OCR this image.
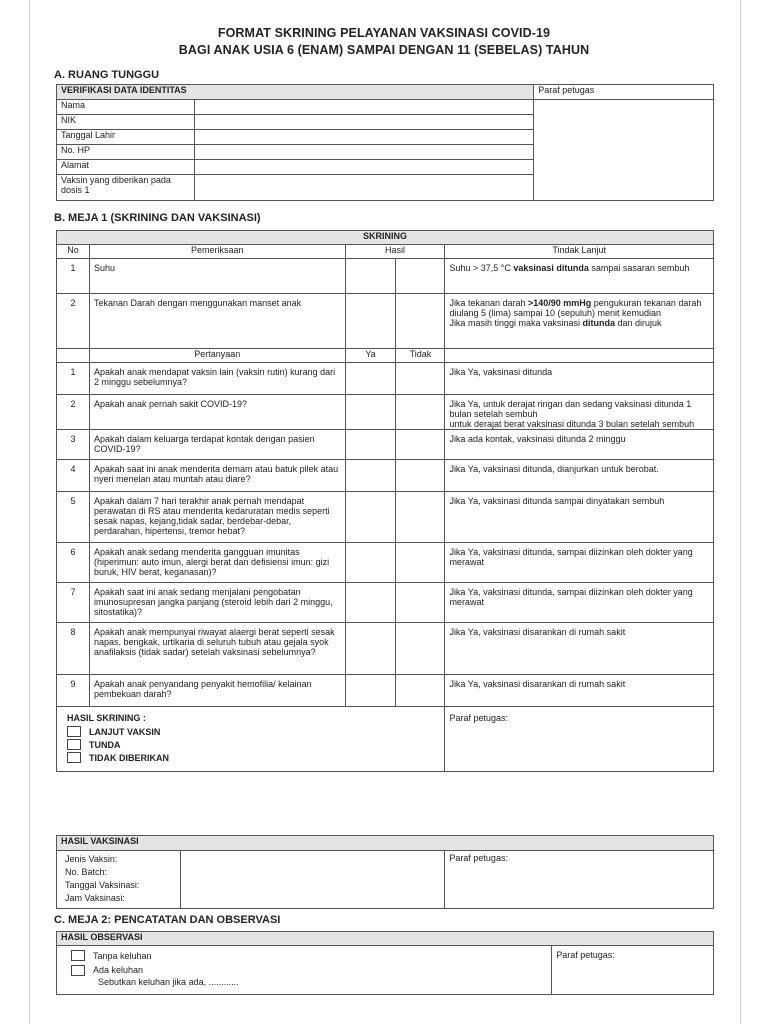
FORMAT SKRINING PELAYANAN VAKSINASI COVID-19
BAGI ANAK USIA 6 (ENAM) SAMPAI DENGAN 11 (SEBELAS) TAHUN
A. RUANG TUNGGU
VERIFIKASI DATA IDENTITAS		Paraf petugas
Nama		
NIK		
Tanggal Lahir		
No. HP		
Alamat		
Vaksin yang diberikan pada dosis 1		
B. MEJA 1 (SKRINING DAN VAKSINASI)
SKRINING				
No	Pemeriksaan	Hasil		Tindak Lanjut
1	Suhu			Suhu > 37,5 °C vaksinasi ditunda sampai sasaran sembuh
2	Tekanan Darah dengan menggunakan manset anak			Jika tekanan darah >140/90 mmHg pengukuran tekanan darah diulang 5 (lima) sampai 10 (sepuluh) menit kemudian
Jika masih tinggi maka vaksinasi ditunda dan dirujuk

	Pertanyaan	Ya	Tidak	
1	Apakah anak mendapat vaksin lain (vaksin rutin) kurang dari 2 minggu sebelumnya?			Jika Ya, vaksinasi ditunda

2	Apakah anak pernah sakit COVID-19?			Jika Ya, untuk derajat ringan dan sedang vaksinasi ditunda 1 bulan setelah sembuh
untuk derajat berat vaksinasi ditunda 3 bulan setelah sembuh

3	Apakah dalam keluarga terdapat kontak dengan pasien COVID-19?			Jika ada kontak, vaksinasi ditunda 2 minggu

4	Apakah saat ini anak menderita demam atau batuk pilek atau nyeri menelan atau muntah atau diare?			Jika Ya, vaksinasi ditunda, dianjurkan untuk berobat.

5	Apakah dalam 7 hari terakhir anak pernah mendapat perawatan di RS atau menderita kedaruratan medis seperti sesak napas, kejang,tidak sadar, berdebar-debar, perdarahan, hipertensi, tremor hebat?			Jika Ya, vaksinasi ditunda sampai dinyatakan sembuh

6	Apakah anak sedang menderita gangguan imunitas (hiperimun: auto imun, alergi berat dan defisiensi imun: gizi buruk, HIV berat, keganasan)?			Jika Ya, vaksinasi ditunda, sampai diizinkan oleh dokter yang merawat

7	Apakah saat ini anak sedang menjalani pengobatan imunosupresan jangka panjang (steroid lebih dari 2 minggu, sitostatika)?			Jika Ya, vaksinasi ditunda, sampai diizinkan oleh dokter yang merawat

8	Apakah anak mempunyai riwayat alaergi berat seperti sesak napas, bengkak, urtikaria di seluruh tubuh atau gejala syok anafilaksis (tidak sadar) setelah vaksinasi sebelumnya?			Jika Ya, vaksinasi disarankan di rumah sakit

9	Apakah anak penyandang penyakit hemofilia/ kelainan pembekuan darah?			Jika Ya, vaksinasi disarankan di rumah sakit

HASIL SKRINING :
LANJUT VAKSIN
TUNDA
TIDAK DIBERIKAN				Paraf petugas:
HASIL VAKSINASI

Jenis Vaksin:
No. Batch:
Tanggal Vaksinasi:
Jam Vaksinasi:
		Paraf petugas:
C. MEJA 2: PENCATATAN DAN OBSERVASI
HASIL OBSERVASI

Tanpa keluhan
Ada keluhan
Sebutkan keluhan jika ada, ............
	Paraf petugas:
